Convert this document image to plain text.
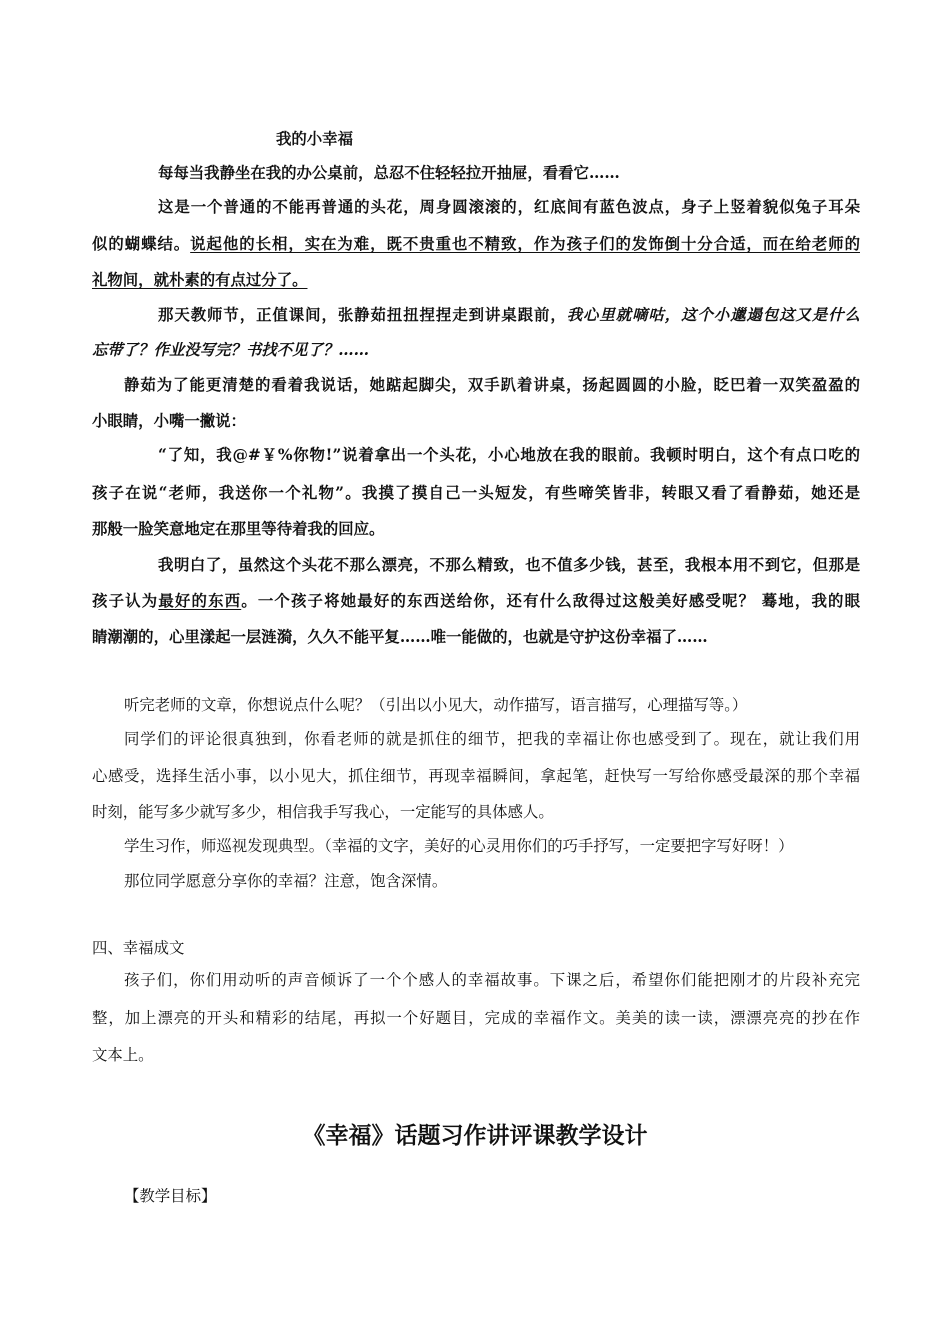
我的小幸福
每每当我静坐在我的办公桌前，总忍不住轻轻拉开抽屉，看看它……
这是一个普通的不能再普通的头花，周身圆滚滚的，红底间有蓝色波点，身子上竖着貌似兔子耳朵
似的蝴蝶结。说起他的长相，实在为难，既不贵重也不精致，作为孩子们的发饰倒十分合适，而在给老师的
礼物间，就朴素的有点过分了。
那天教师节，正值课间，张静茹扭扭捏捏走到讲桌跟前，我心里就嘀咕，这个小邋遢包这又是什么
忘带了？作业没写完？书找不见了？……
静茹为了能更清楚的看着我说话，她踮起脚尖，双手趴着讲桌，扬起圆圆的小脸，眨巴着一双笑盈盈的
小眼睛，小嘴一撇说：
“了知，我@#￥%你物!”说着拿出一个头花，小心地放在我的眼前。我顿时明白，这个有点口吃的
孩子在说“老师，我送你一个礼物”。我摸了摸自己一头短发，有些啼笑皆非，转眼又看了看静茹，她还是
那般一脸笑意地定在那里等待着我的回应。
我明白了，虽然这个头花不那么漂亮，不那么精致，也不值多少钱，甚至，我根本用不到它，但那是
孩子认为最好的东西。一个孩子将她最好的东西送给你，还有什么敌得过这般美好感受呢？ 蓦地，我的眼
睛潮潮的，心里漾起一层涟漪，久久不能平复……唯一能做的，也就是守护这份幸福了……
听完老师的文章，你想说点什么呢？（引出以小见大，动作描写，语言描写，心理描写等。）
同学们的评论很真独到，你看老师的就是抓住的细节，把我的幸福让你也感受到了。现在，就让我们用
心感受，选择生活小事，以小见大，抓住细节，再现幸福瞬间，拿起笔，赶快写一写给你感受最深的那个幸福
时刻，能写多少就写多少，相信我手写我心，一定能写的具体感人。
学生习作，师巡视发现典型。（幸福的文字，美好的心灵用你们的巧手抒写，一定要把字写好呀！）
那位同学愿意分享你的幸福？注意，饱含深情。
四、幸福成文
孩子们，你们用动听的声音倾诉了一个个感人的幸福故事。下课之后，希望你们能把刚才的片段补充完
整，加上漂亮的开头和精彩的结尾，再拟一个好题目，完成的幸福作文。美美的读一读，漂漂亮亮的抄在作
文本上。
《幸福》话题习作讲评课教学设计
【教学目标】
